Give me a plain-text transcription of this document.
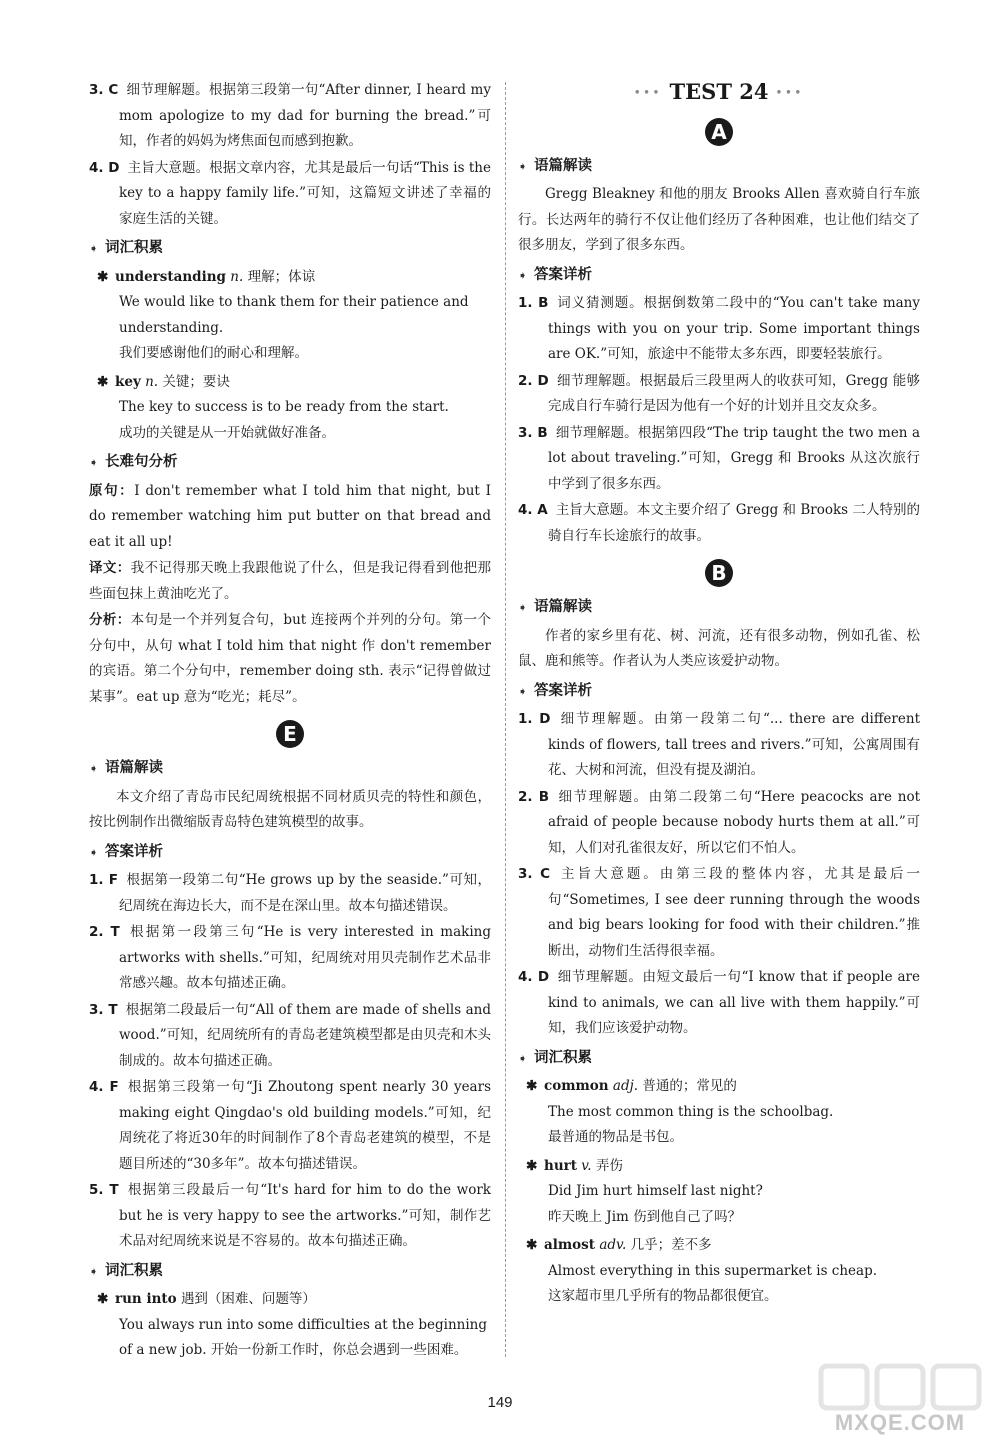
3. C 细节理解题。根据第三段第一句“After dinner, I heard my mom apologize to my dad for burning the bread.”可知，作者的妈妈为烤焦面包而感到抱歉。

4. D 主旨大意题。根据文章内容，尤其是最后一句话“This is the key to a happy family life.”可知，这篇短文讲述了幸福的家庭生活的关键。

➧ 词汇积累
✱ understanding n. 理解；体谅
We would like to thank them for their patience and understanding.
我们要感谢他们的耐心和理解。
✱ key n. 关键；要诀
The key to success is to be ready from the start.
成功的关键是从一开始就做好准备。
➧ 长难句分析

原句：I don't remember what I told him that night, but I do remember watching him put butter on that bread and eat it all up!

译文：我不记得那天晚上我跟他说了什么，但是我记得看到他把那些面包抹上黄油吃光了。

分析：本句是一个并列复合句，but 连接两个并列的分句。第一个分句中，从句 what I told him that night 作 don't remember 的宾语。第二个分句中，remember doing sth. 表示“记得曾做过某事”。eat up 意为“吃光；耗尽”。

E
➧ 语篇解读

本文介绍了青岛市民纪周统根据不同材质贝壳的特性和颜色，按比例制作出微缩版青岛特色建筑模型的故事。

➧ 答案详析

1. F 根据第一段第二句“He grows up by the seaside.”可知，纪周统在海边长大，而不是在深山里。故本句描述错误。

2. T 根据第一段第三句“He is very interested in making artworks with shells.”可知，纪周统对用贝壳制作艺术品非常感兴趣。故本句描述正确。

3. T 根据第二段最后一句“All of them are made of shells and wood.”可知，纪周统所有的青岛老建筑模型都是由贝壳和木头制成的。故本句描述正确。

4. F 根据第三段第一句“Ji Zhoutong spent nearly 30 years making eight Qingdao's old building models.”可知，纪周统花了将近30年的时间制作了8个青岛老建筑的模型，不是题目所述的“30多年”。故本句描述错误。

5. T 根据第三段最后一句“It's hard for him to do the work but he is very happy to see the artworks.”可知，制作艺术品对纪周统来说是不容易的。故本句描述正确。

➧ 词汇积累
✱ run into 遇到（困难、问题等）
You always run into some difficulties at the beginning of a new job. 开始一份新工作时，你总会遇到一些困难。
••• TEST 24 •••
A
➧ 语篇解读

Gregg Bleakney 和他的朋友 Brooks Allen 喜欢骑自行车旅行。长达两年的骑行不仅让他们经历了各种困难，也让他们结交了很多朋友，学到了很多东西。

➧ 答案详析

1. B 词义猜测题。根据倒数第二段中的“You can't take many things with you on your trip. Some important things are OK.”可知，旅途中不能带太多东西，即要轻装旅行。

2. D 细节理解题。根据最后三段里两人的收获可知，Gregg 能够完成自行车骑行是因为他有一个好的计划并且交友众多。

3. B 细节理解题。根据第四段“The trip taught the two men a lot about traveling.”可知，Gregg 和 Brooks 从这次旅行中学到了很多东西。

4. A 主旨大意题。本文主要介绍了 Gregg 和 Brooks 二人特别的骑自行车长途旅行的故事。

B
➧ 语篇解读

作者的家乡里有花、树、河流，还有很多动物，例如孔雀、松鼠、鹿和熊等。作者认为人类应该爱护动物。

➧ 答案详析

1. D 细节理解题。由第一段第二句“... there are different kinds of flowers, tall trees and rivers.”可知，公寓周围有花、大树和河流，但没有提及湖泊。

2. B 细节理解题。由第二段第二句“Here peacocks are not afraid of people because nobody hurts them at all.”可知，人们对孔雀很友好，所以它们不怕人。

3. C 主旨大意题。由第三段的整体内容，尤其是最后一句“Sometimes, I see deer running through the woods and big bears looking for food with their children.”推断出，动物们生活得很幸福。

4. D 细节理解题。由短文最后一句“I know that if people are kind to animals, we can all live with them happily.”可知，我们应该爱护动物。

➧ 词汇积累
✱ common adj. 普通的；常见的
The most common thing is the schoolbag.
最普通的物品是书包。
✱ hurt v. 弄伤
Did Jim hurt himself last night?
昨天晚上 Jim 伤到他自己了吗？
✱ almost adv. 几乎；差不多
Almost everything in this supermarket is cheap.
这家超市里几乎所有的物品都很便宜。
149
MXQE.COM
